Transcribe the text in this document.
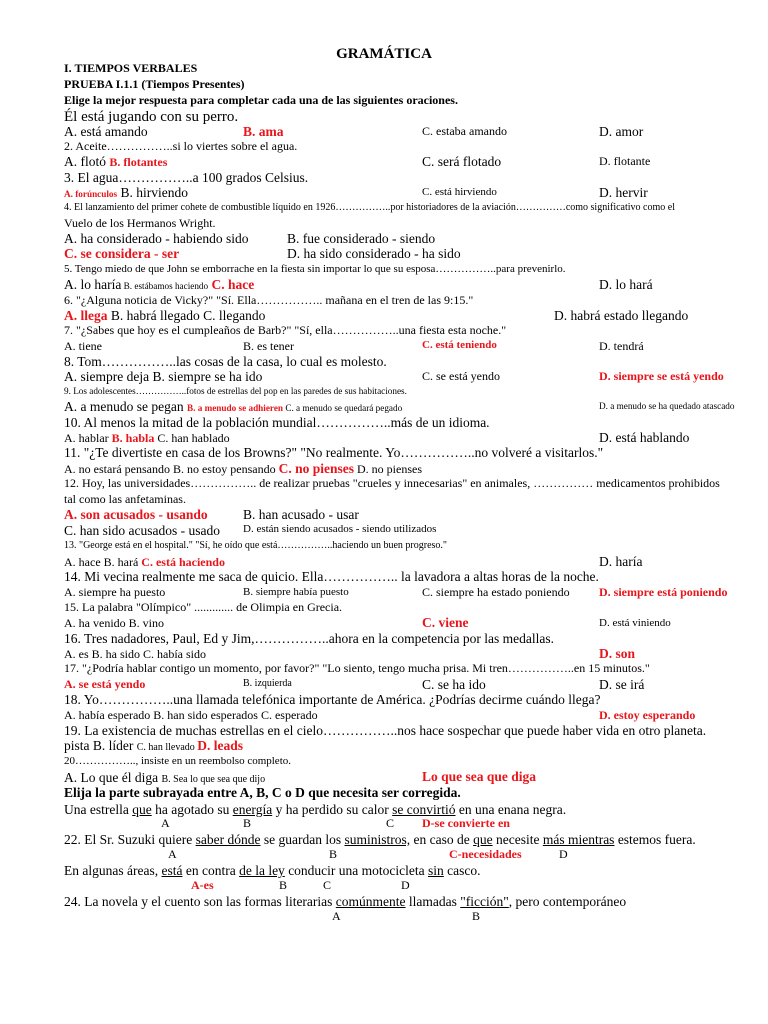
GRAMÁTICA
I. TIEMPOS VERBALES
PRUEBA I.1.1 (Tiempos Presentes)
Elige la mejor respuesta para completar cada una de las siguientes oraciones.
Él está jugando con su perro.
A. está amando	B. ama	C. estaba amando	D. amor
2. Aceite……………..si lo viertes sobre el agua.
A. flotó B. flotantes	C. será flotado	D. flotante
3. El agua……………..a 100 grados Celsius.
A. forúnculos B. hirviendo	C. está hirviendo	D. hervir
4. El lanzamiento del primer cohete de combustible líquido en 1926……………..por historiadores de la aviación……………como significativo como el
Vuelo de los Hermanos Wright.
A. ha considerado - habiendo sido	B. fue considerado - siendo
C. se considera - ser	D. ha sido considerado - ha sido
5. Tengo miedo de que John se emborrache en la fiesta sin importar lo que su esposa……………..para prevenirlo.
A. lo haría B. estábamos haciendo C. hace	D. lo hará
6. "¿Alguna noticia de Vicky?" "Sí. Ella…………….. mañana en el tren de las 9:15."
A. llega B. habrá llegado C. llegando	D. habrá estado llegando
7. "¿Sabes que hoy es el cumpleaños de Barb?" "Sí, ella……………..una fiesta esta noche."
A. tiene	B. es tener	C. está teniendo	D. tendrá
8. Tom……………..las cosas de la casa, lo cual es molesto.
A. siempre deja B. siempre se ha ido	C. se está yendo	D. siempre se está yendo
9. Los adolescentes……………..fotos de estrellas del pop en las paredes de sus habitaciones.
A. a menudo se pegan B. a menudo se adhieren C. a menudo se quedará pegado	D. a menudo se ha quedado atascado
10. Al menos la mitad de la población mundial……………..más de un idioma.
A. hablar B. habla C. han hablado	D. está hablando
11. "¿Te divertiste en casa de los Browns?" "No realmente. Yo……………..no volveré a visitarlos."
A. no estará pensando B. no estoy pensando C. no pienses D. no pienses
12. Hoy, las universidades…………….. de realizar pruebas "crueles y innecesarias" en animales, …………… medicamentos prohibidos
tal como las anfetaminas.
A. son acusados - usando	B. han acusado - usar
C. han sido acusados - usado D. están siendo acusados - siendo utilizados
13. "George está en el hospital." "Sí, he oído que está……………..haciendo un buen progreso."
A. hace B. hará C. está haciendo	D. haría
14. Mi vecina realmente me saca de quicio. Ella…………….. la lavadora a altas horas de la noche.
A. siempre ha puesto	B. siempre había puesto	C. siempre ha estado poniendo D. siempre está poniendo
15. La palabra "Olímpico" ............. de Olimpia en Grecia.
A. ha venido B. vino	C. viene	D. está viniendo
16. Tres nadadores, Paul, Ed y Jim,……………..ahora en la competencia por las medallas.
A. es B. ha sido C. había sido	D. son
17. "¿Podría hablar contigo un momento, por favor?" "Lo siento, tengo mucha prisa. Mi tren……………..en 15 minutos."
A. se está yendo	B. izquierda	C. se ha ido	D. se irá
18. Yo……………..una llamada telefónica importante de América. ¿Podrías decirme cuándo llega?
A. había esperado B. han sido esperados C. esperado	D. estoy esperando
19. La existencia de muchas estrellas en el cielo……………..nos hace sospechar que puede haber vida en otro planeta.
pista B. líder C. han llevado D. leads
20…………….., insiste en un reembolso completo.
A. Lo que él diga B. Sea lo que sea que dijo	Lo que sea que diga
Elija la parte subrayada entre A, B, C o D que necesita ser corregida.
Una estrella que ha agotado su energía y ha perdido su calor se convirtió en una enana negra.
A	B	C D-se convierte en
22. El Sr. Suzuki quiere saber dónde se guardan los suministros, en caso de que necesite más mientras estemos fuera.
A	B	C-necesidades	D
En algunas áreas, está en contra de la ley conducir una motocicleta sin casco.
A-es	B	C	D
24. La novela y el cuento son las formas literarias comúnmente llamadas "ficción", pero contemporáneo
A	B
